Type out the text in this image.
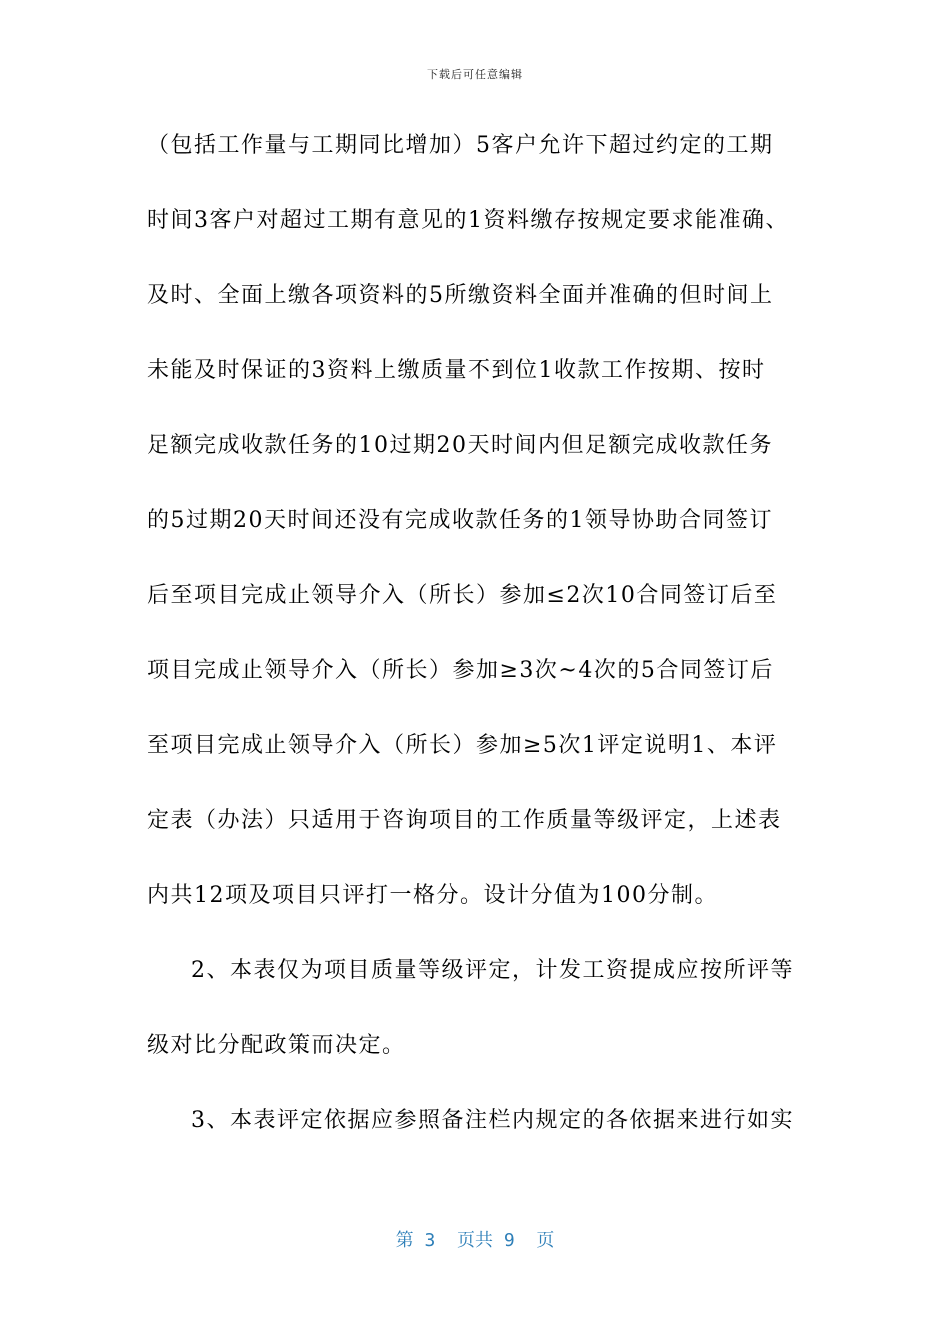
下载后可任意编辑
（包括工作量与工期同比增加）5客户允许下超过约定的工期
时间3客户对超过工期有意见的1资料缴存按规定要求能准确、
及时、全面上缴各项资料的5所缴资料全面并准确的但时间上
未能及时保证的3资料上缴质量不到位1收款工作按期、按时
足额完成收款任务的10过期20天时间内但足额完成收款任务
的5过期20天时间还没有完成收款任务的1领导协助合同签订
后至项目完成止领导介入（所长）参加≤2次10合同签订后至
项目完成止领导介入（所长）参加≥3次~4次的5合同签订后
至项目完成止领导介入（所长）参加≥5次1评定说明1、本评
定表（办法）只适用于咨询项目的工作质量等级评定，上述表
内共12项及项目只评打一格分。设计分值为100分制。
2、本表仅为项目质量等级评定，计发工资提成应按所评等
级对比分配政策而决定。
3、本表评定依据应参照备注栏内规定的各依据来进行如实
第 3  页共 9  页
